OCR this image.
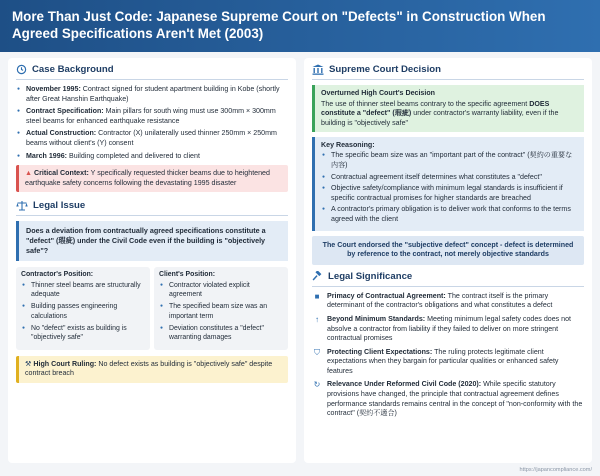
More Than Just Code: Japanese Supreme Court on "Defects" in Construction When Agreed Specifications Aren't Met (2003)
Case Background
● November 1995: Contract signed for student apartment building in Kobe (shortly after Great Hanshin Earthquake)
● Contract Specification: Main pillars for south wing must use 300mm × 300mm steel beams for enhanced earthquake resistance
● Actual Construction: Contractor (X) unilaterally used thinner 250mm × 250mm beams without client's (Y) consent
● March 1996: Building completed and delivered to client
▲ Critical Context: Y specifically requested thicker beams due to heightened earthquake safety concerns following the devastating 1995 disaster
Legal Issue
Does a deviation from contractually agreed specifications constitute a "defect" (瑕疵) under the Civil Code even if the building is "objectively safe"?
Contractor's Position:
● Thinner steel beams are structurally adequate
● Building passes engineering calculations
● No "defect" exists as building is "objectively safe"
Client's Position:
● Contractor violated explicit agreement
● The specified beam size was an important term
● Deviation constitutes a "defect" warranting damages
⚒ High Court Ruling: No defect exists as building is "objectively safe" despite contract breach
Supreme Court Decision
Overturned High Court's Decision
The use of thinner steel beams contrary to the specific agreement DOES constitute a "defect" (瑕疵) under contractor's warranty liability, even if the building is "objectively safe"
Key Reasoning:
● The specific beam size was an "important part of the contract" (契約の重要な内容)
● Contractual agreement itself determines what constitutes a "defect"
● Objective safety/compliance with minimum legal standards is insufficient if specific contractual promises for higher standards are breached
● A contractor's primary obligation is to deliver work that conforms to the terms agreed with the client
The Court endorsed the "subjective defect" concept - defect is determined by reference to the contract, not merely objective standards
Legal Significance
■	Primacy of Contractual Agreement: The contract itself is the primary determinant of the contractor's obligations and what constitutes a defect
↑	Beyond Minimum Standards: Meeting minimum legal safety codes does not absolve a contractor from liability if they failed to deliver on more stringent contractual promises
⛉ Protecting Client Expectations: The ruling protects legitimate client expectations when they bargain for particular qualities or enhanced safety features
↻ Relevance Under Reformed Civil Code (2020): While specific statutory provisions have changed, the principle that contractual agreement defines performance standards remains central in the concept of "non-conformity with the contract" (契約不適合)
https://japancompliance.com/
